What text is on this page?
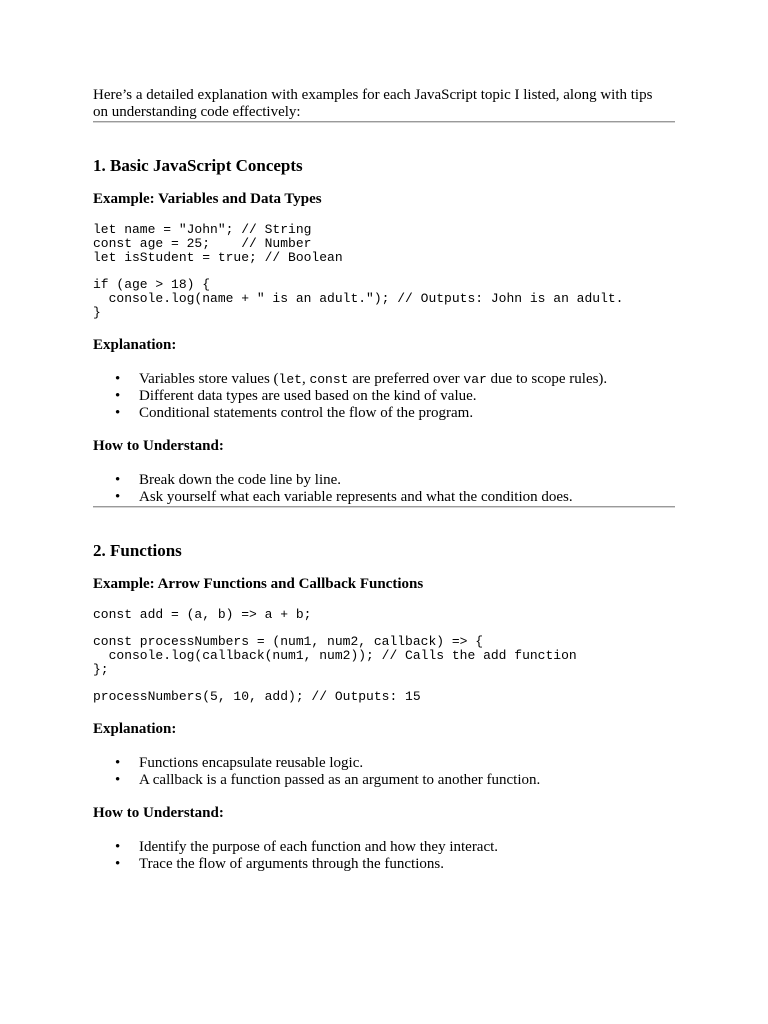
Here’s a detailed explanation with examples for each JavaScript topic I listed, along with tips
on understanding code effectively:

1. Basic JavaScript Concepts
Example: Variables and Data Types
let name = "John"; // String
const age = 25;    // Number
let isStudent = true; // Boolean

if (age > 18) {
console.log(name + " is an adult."); // Outputs: John is an adult.
}
Explanation:
• Variables store values (let, const are preferred over var due to scope rules).
• Different data types are used based on the kind of value.
• Conditional statements control the flow of the program.
How to Understand:
• Break down the code line by line.
• Ask yourself what each variable represents and what the condition does.
2. Functions
Example: Arrow Functions and Callback Functions
const add = (a, b) => a + b;

const processNumbers = (num1, num2, callback) => {
console.log(callback(num1, num2)); // Calls the add function
};

processNumbers(5, 10, add); // Outputs: 15
Explanation:
• Functions encapsulate reusable logic.
• A callback is a function passed as an argument to another function.
How to Understand:
• Identify the purpose of each function and how they interact.
• Trace the flow of arguments through the functions.
